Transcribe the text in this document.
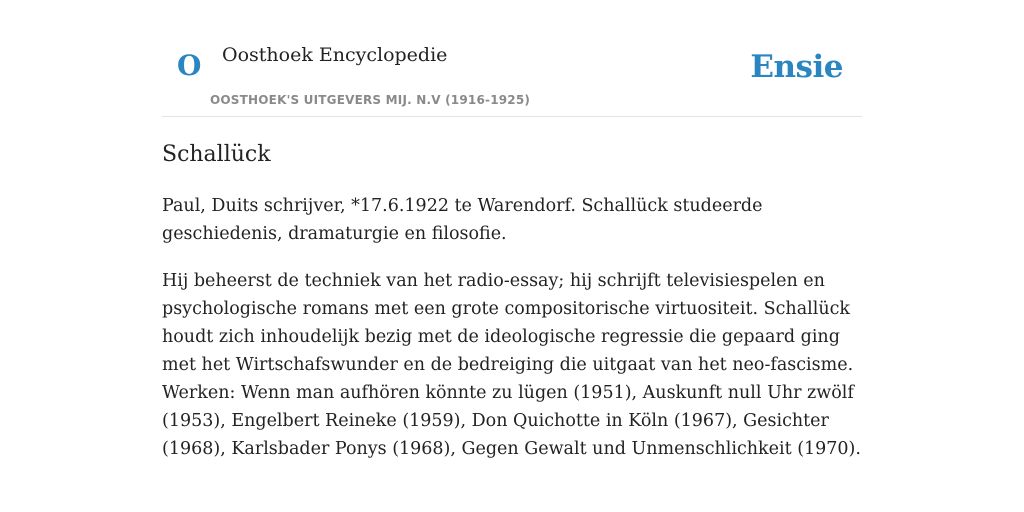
O Oosthoek Encyclopedie
OOSTHOEK'S UITGEVERS MIJ. N.V (1916-1925)
Ensie
Schallück

Paul, Duits schrijver, *17.6.1922 te Warendorf. Schallück studeerde geschiedenis, dramaturgie en filosofie.

Hij beheerst de techniek van het radio-essay; hij schrijft televisiespelen en psychologische romans met een grote compositorische virtuositeit. Schallück houdt zich inhoudelijk bezig met de ideologische regressie die gepaard ging met het Wirtschafswunder en de bedreiging die uitgaat van het neo-fascisme. Werken: Wenn man aufhören könnte zu lügen (1951), Auskunft null Uhr zwölf (1953), Engelbert Reineke (1959), Don Quichotte in Köln (1967), Gesichter (1968), Karlsbader Ponys (1968), Gegen Gewalt und Unmenschlichkeit (1970).
